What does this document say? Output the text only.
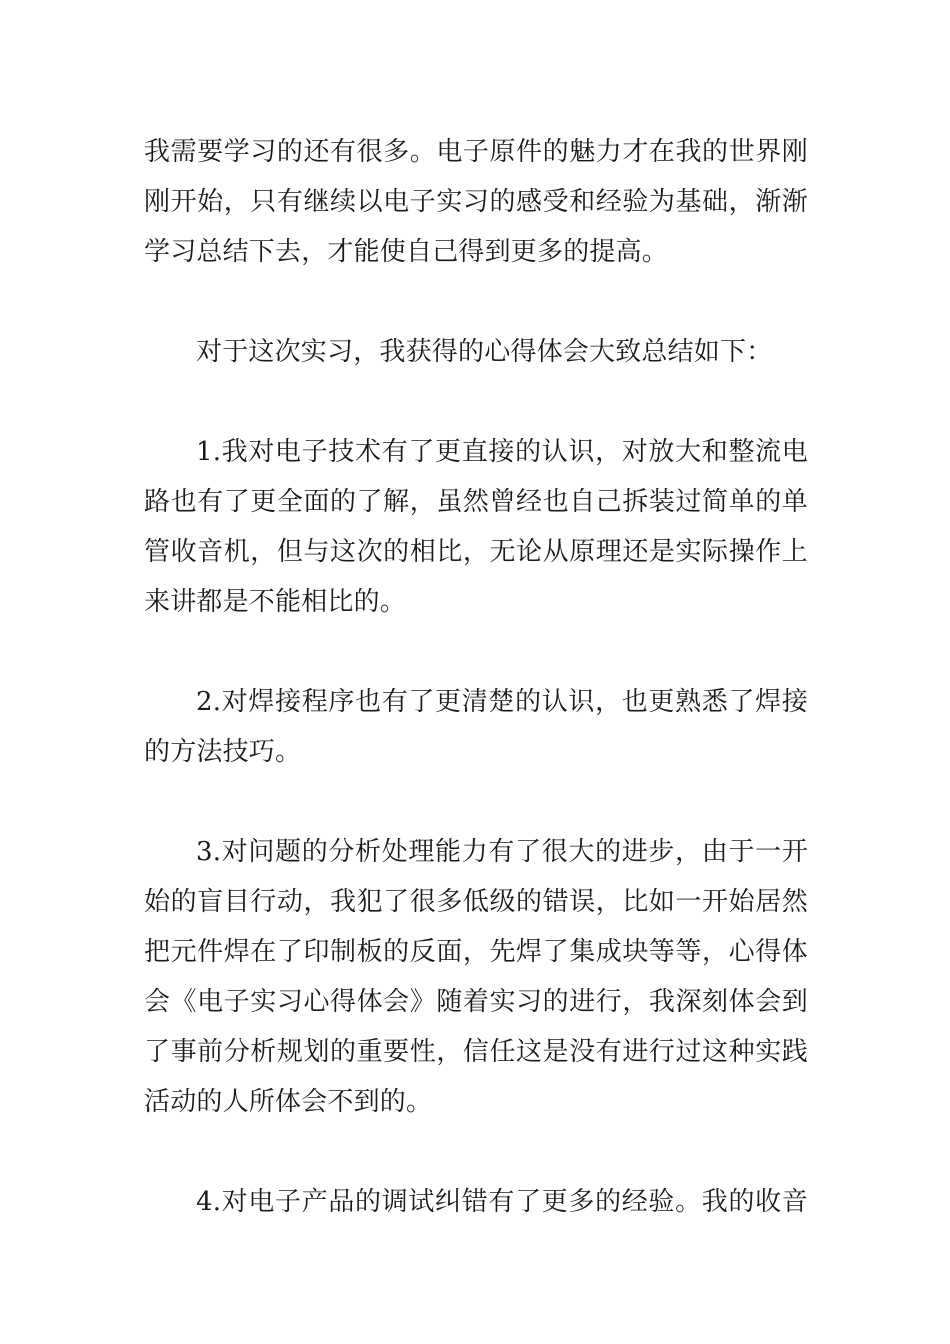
我需要学习的还有很多。电子原件的魅力才在我的世界刚

刚开始，只有继续以电子实习的感受和经验为基础，渐渐

学习总结下去，才能使自己得到更多的提高。

对于这次实习，我获得的心得体会大致总结如下：

1.我对电子技术有了更直接的认识，对放大和整流电

路也有了更全面的了解，虽然曾经也自己拆装过简单的单

管收音机，但与这次的相比，无论从原理还是实际操作上

来讲都是不能相比的。

2.对焊接程序也有了更清楚的认识，也更熟悉了焊接

的方法技巧。

3.对问题的分析处理能力有了很大的进步，由于一开

始的盲目行动，我犯了很多低级的错误，比如一开始居然

把元件焊在了印制板的反面，先焊了集成块等等，心得体

会《电子实习心得体会》随着实习的进行，我深刻体会到

了事前分析规划的重要性，信任这是没有进行过这种实践

活动的人所体会不到的。

4.对电子产品的调试纠错有了更多的经验。我的收音
